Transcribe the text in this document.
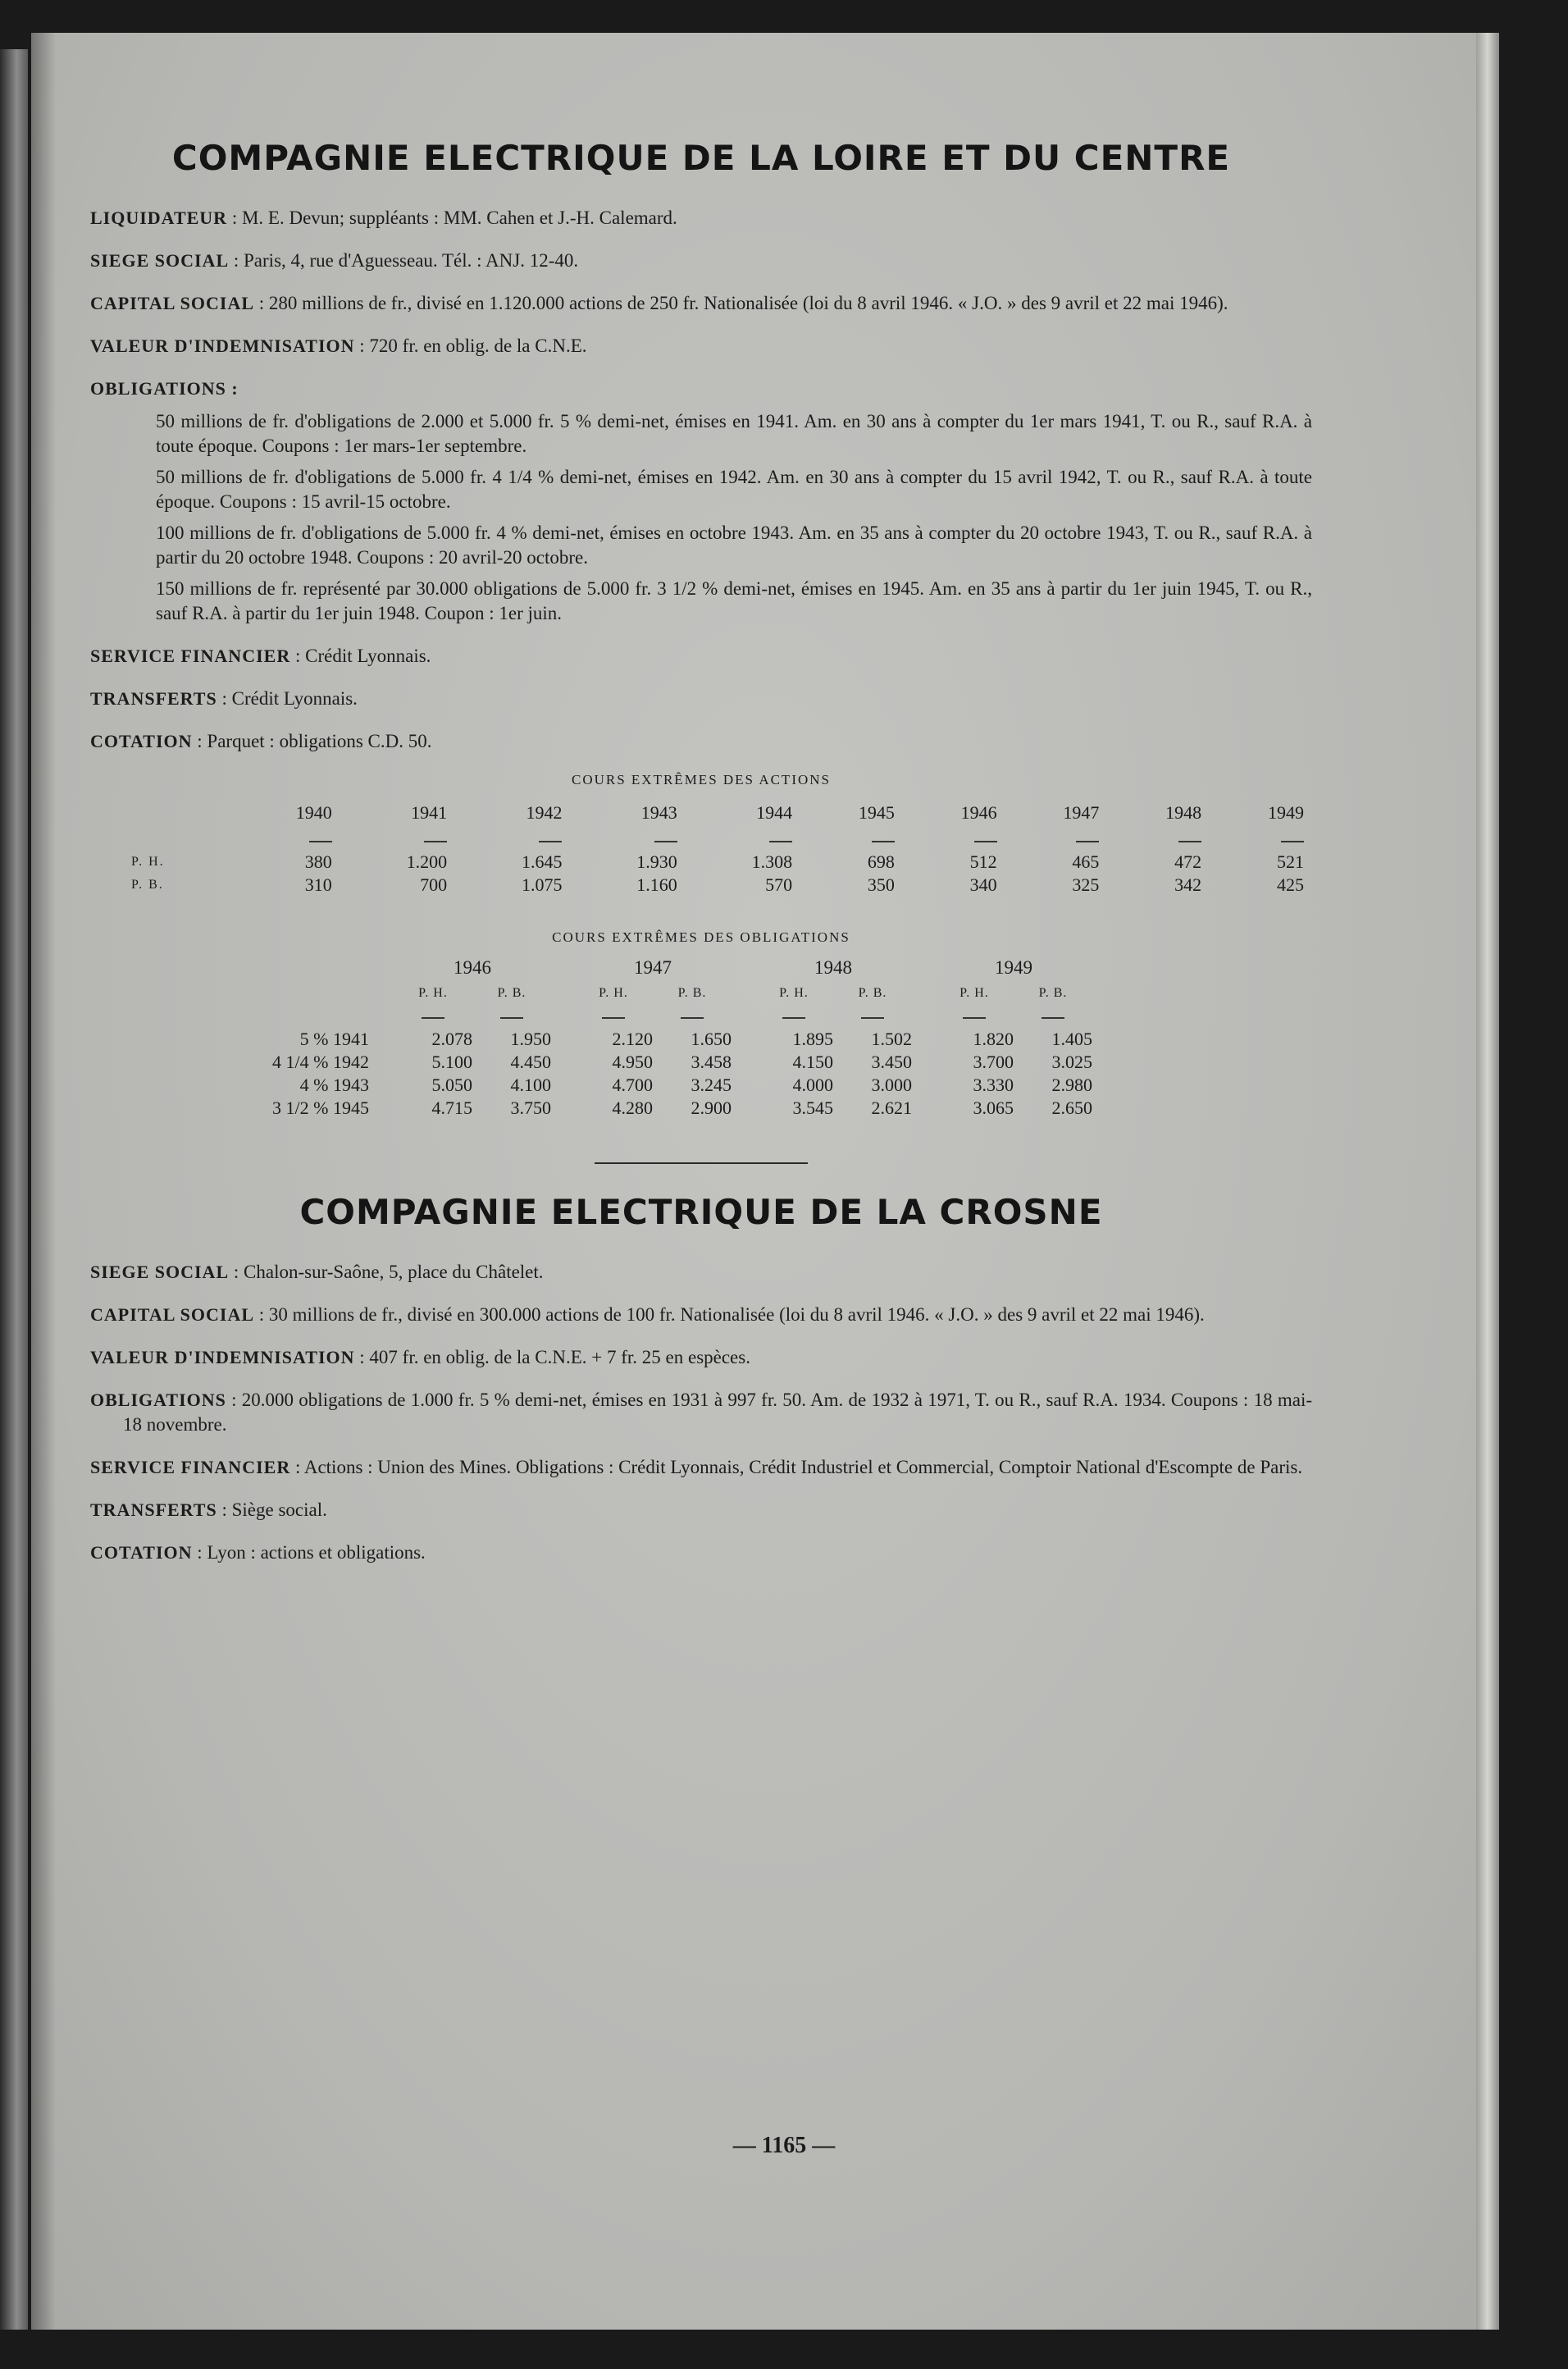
COMPAGNIE ELECTRIQUE DE LA LOIRE ET DU CENTRE

LIQUIDATEUR : M. E. Devun; suppléants : MM. Cahen et J.-H. Calemard.

SIEGE SOCIAL : Paris, 4, rue d'Aguesseau. Tél. : ANJ. 12-40.

CAPITAL SOCIAL : 280 millions de fr., divisé en 1.120.000 actions de 250 fr. Nationalisée (loi du 8 avril 1946. « J.O. » des 9 avril et 22 mai 1946).

VALEUR D'INDEMNISATION : 720 fr. en oblig. de la C.N.E.

OBLIGATIONS :

50 millions de fr. d'obligations de 2.000 et 5.000 fr. 5 % demi-net, émises en 1941. Am. en 30 ans à compter du 1er mars 1941, T. ou R., sauf R.A. à toute époque. Coupons : 1er mars-1er septembre.

50 millions de fr. d'obligations de 5.000 fr. 4 1/4 % demi-net, émises en 1942. Am. en 30 ans à compter du 15 avril 1942, T. ou R., sauf R.A. à toute époque. Coupons : 15 avril-15 octobre.

100 millions de fr. d'obligations de 5.000 fr. 4 % demi-net, émises en octobre 1943. Am. en 35 ans à compter du 20 octobre 1943, T. ou R., sauf R.A. à partir du 20 octobre 1948. Coupons : 20 avril-20 octobre.

150 millions de fr. représenté par 30.000 obligations de 5.000 fr. 3 1/2 % demi-net, émises en 1945. Am. en 35 ans à partir du 1er juin 1945, T. ou R., sauf R.A. à partir du 1er juin 1948. Coupon : 1er juin.

SERVICE FINANCIER : Crédit Lyonnais.

TRANSFERTS : Crédit Lyonnais.

COTATION : Parquet : obligations C.D. 50.

COURS EXTRÊMES DES ACTIONS
	1940	1941	1942	1943	1944	1945	1946	1947	1948	1949

P. H.	380	1.200	1.645	1.930	1.308	698	512	465	472	521
P. B.	310	700	1.075	1.160	570	350	340	325	342	425
COURS EXTRÊMES DES OBLIGATIONS
	1946			1947			1948			1949	
	P. H.	P. B.		P. H.	P. B.		P. H.	P. B.		P. H.	P. B.

5 % 1941	2.078	1.950		2.120	1.650		1.895	1.502		1.820	1.405
4 1/4 % 1942	5.100	4.450		4.950	3.458		4.150	3.450		3.700	3.025
4 % 1943	5.050	4.100		4.700	3.245		4.000	3.000		3.330	2.980
3 1/2 % 1945	4.715	3.750		4.280	2.900		3.545	2.621		3.065	2.650
COMPAGNIE ELECTRIQUE DE LA CROSNE

SIEGE SOCIAL : Chalon-sur-Saône, 5, place du Châtelet.

CAPITAL SOCIAL : 30 millions de fr., divisé en 300.000 actions de 100 fr. Nationalisée (loi du 8 avril 1946. « J.O. » des 9 avril et 22 mai 1946).

VALEUR D'INDEMNISATION : 407 fr. en oblig. de la C.N.E. + 7 fr. 25 en espèces.

OBLIGATIONS : 20.000 obligations de 1.000 fr. 5 % demi-net, émises en 1931 à 997 fr. 50. Am. de 1932 à 1971, T. ou R., sauf R.A. 1934. Coupons : 18 mai-18 novembre.

SERVICE FINANCIER : Actions : Union des Mines. Obligations : Crédit Lyonnais, Crédit Industriel et Commercial, Comptoir National d'Escompte de Paris.

TRANSFERTS : Siège social.

COTATION : Lyon : actions et obligations.

— 1165 —
